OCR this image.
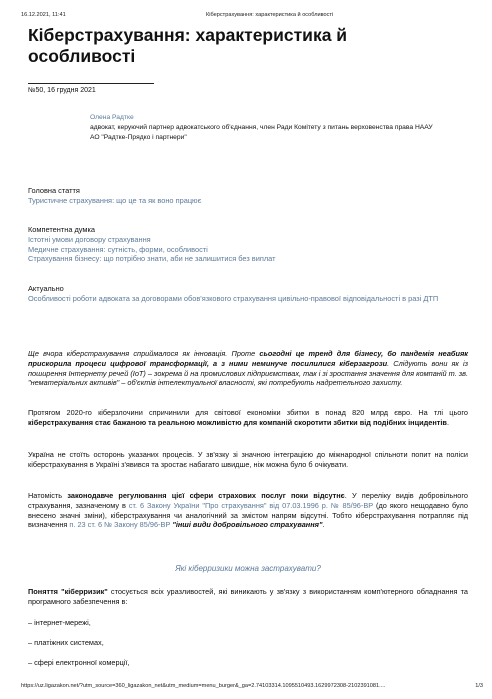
16.12.2021, 11:41	Кіберстрахування: характеристика й особливості
Кіберстрахування: характеристика й особливості
№50, 16 грудня 2021
Олена Радтке
адвокат, керуючий партнер адвокатського об'єднання, член Ради Комітету з питань верховенства права НААУ
АО "Радтке-Прядко і партнери"
Головна стаття
Туристичне страхування: що це та як воно працює
Компетентна думка
Істотні умови договору страхування
Медичне страхування: сутність, форми, особливості
Страхування бізнесу: що потрібно знати, аби не залишитися без виплат
Актуально
Особливості роботи адвоката за договорами обов'язкового страхування цивільно-правової відповідальності в разі ДТП

Ще вчора кіберстрахування сприймалося як інновація. Проте сьогодні це тренд для бізнесу, бо пандемія неабияк прискорила процеси цифрової трансформації, а з ними неминуче посилилися кіберзагрози. Слідують вони як із поширення Інтернету речей (IoT) – зокрема й на промислових підприємствах, так і зі зростання значення для компаній т. зв. "нематеріальних активів" – об'єктів інтелектуальної власності, які потребують надретельного захисту.

Протягом 2020-го кіберзлочини спричинили для світової економіки збитки в понад 820 млрд євро. На тлі цього кіберстрахування стає бажаною та реальною можливістю для компаній скоротити збитки від подібних інцидентів.

Україна не стоїть осторонь указаних процесів. У зв'язку зі значною інтеграцією до міжнародної спільноти попит на поліси кіберстрахування в Україні з'явився та зростає набагато швидше, ніж можна було б очікувати.

Натомість законодавче регулювання цієї сфери страхових послуг поки відсутнє. У переліку видів добровільного страхування, зазначеному в ст. 6 Закону України "Про страхування" від 07.03.1996 р. № 85/96-ВР (до якого нещодавно було внесено значні зміни), кіберстрахування чи аналогічний за змістом напрям відсутні. Тобто кіберстрахування потрапляє під визначення п. 23 ст. 6 № Закону 85/96-ВР "інші види добровільного страхування".

Які кіберризики можна застрахувати?

Поняття "кіберризик" стосується всіх уразливостей, які виникають у зв'язку з використанням комп'ютерного обладнання та програмного забезпечення в:

– інтернет-мережі,
– платіжних системах,
– сфері електронної комерції,
https://uz.ligazakon.net/?utm_source=360_ligazakon_net&utm_medium=menu_burger&_ga=2.74103314.1095510493.1629972308-2102391081....	1/3
